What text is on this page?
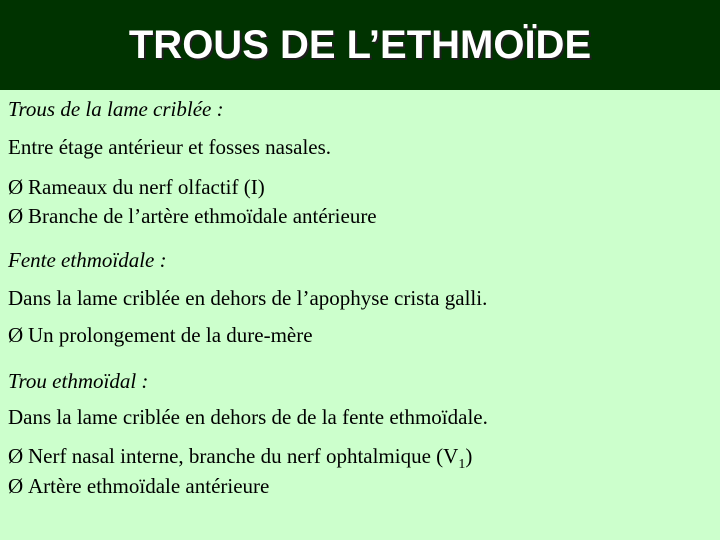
TROUS DE L’ETHMOÏDE
Trous de la lame criblée :
Entre étage antérieur et fosses nasales.
Ø Rameaux du nerf olfactif (I)
Ø Branche de l’artère ethmoïdale antérieure
Fente ethmoïdale :
Dans la lame criblée en dehors de l’apophyse crista galli.
Ø Un prolongement de la dure-mère
Trou ethmoïdal :
Dans la lame criblée en dehors de de la fente ethmoïdale.
Ø Nerf nasal interne, branche du nerf ophtalmique $(V_1)$
Ø Artère ethmoïdale antérieure
